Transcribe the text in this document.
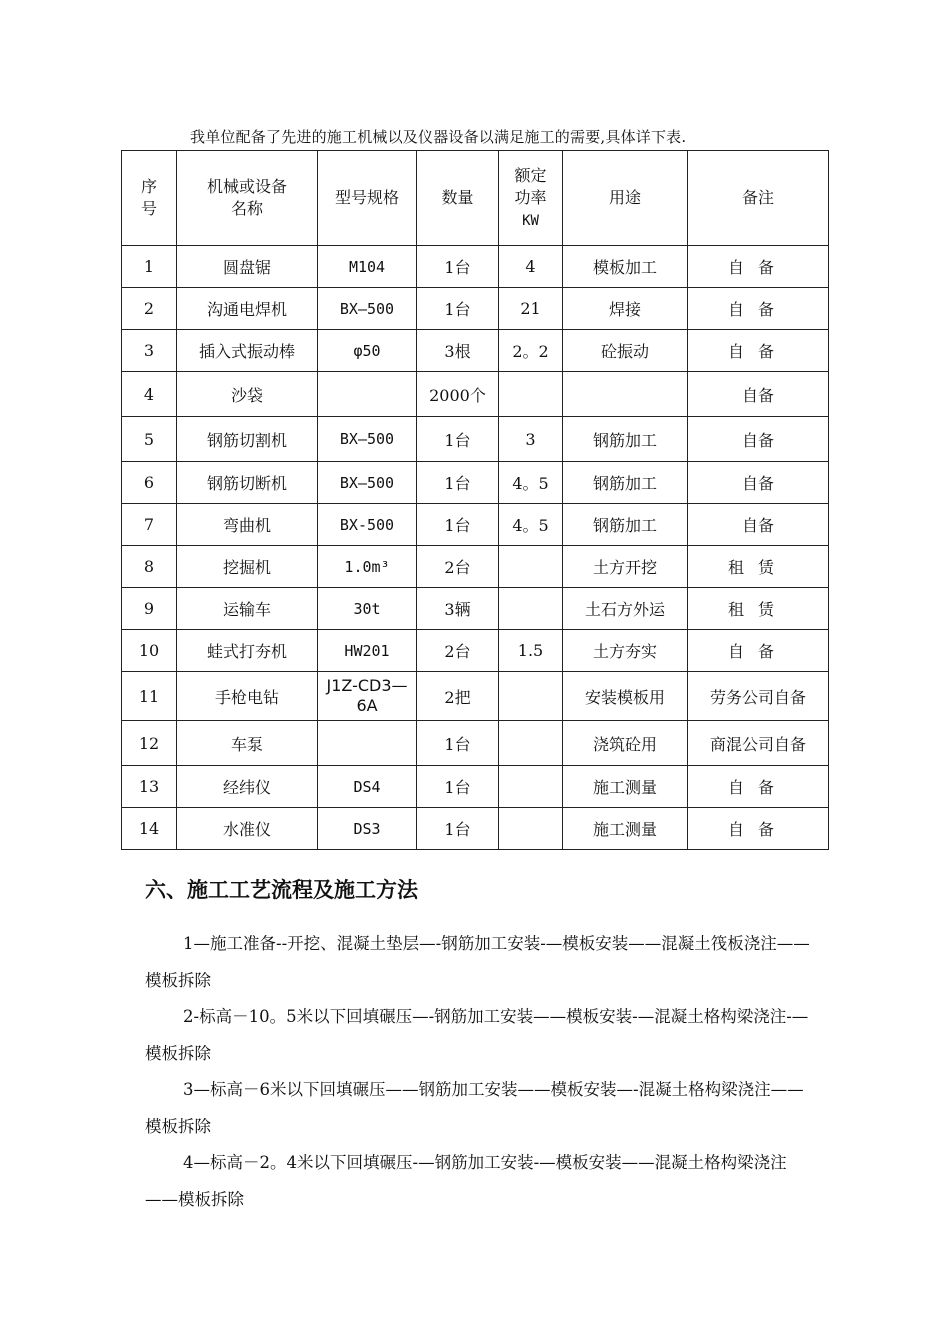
我单位配备了先进的施工机械以及仪器设备以满足施工的需要,具体详下表.
序
号	机械或设备
名称	型号规格	数量	额定
功率
KW	用途	备注
1	圆盘锯	M104	1台	4	模板加工	自备
2	沟通电焊机	BX—500	1台	21	焊接	自备
3	插入式振动棒	φ50	3根	2。2	砼振动	自备
4	沙袋		2000个			自备
5	钢筋切割机	BX—500	1台	3	钢筋加工	自备
6	钢筋切断机	BX—500	1台	4。5	钢筋加工	自备
7	弯曲机	BX-500	1台	4。5	钢筋加工	自备
8	挖掘机	1.0m³	2台		土方开挖	租赁
9	运输车	30t	3辆		土石方外运	租赁
10	蛙式打夯机	HW201	2台	1.5	土方夯实	自备
11	手枪电钻	J1Z-CD3—6A	2把		安装模板用	劳务公司自备
12	车泵		1台		浇筑砼用	商混公司自备
13	经纬仪	DS4	1台		施工测量	自备
14	水准仪	DS3	1台		施工测量	自备
六、施工工艺流程及施工方法

1—施工准备--开挖、混凝土垫层—-钢筋加工安装-—模板安装——混凝土筏板浇注——模板拆除

2-标高－10。5米以下回填碾压—-钢筋加工安装——模板安装-—混凝土格构梁浇注-—模板拆除

3—标高－6米以下回填碾压——钢筋加工安装——模板安装—-混凝土格构梁浇注——模板拆除

4—标高－2。4米以下回填碾压-—钢筋加工安装-—模板安装——混凝土格构梁浇注——模板拆除
